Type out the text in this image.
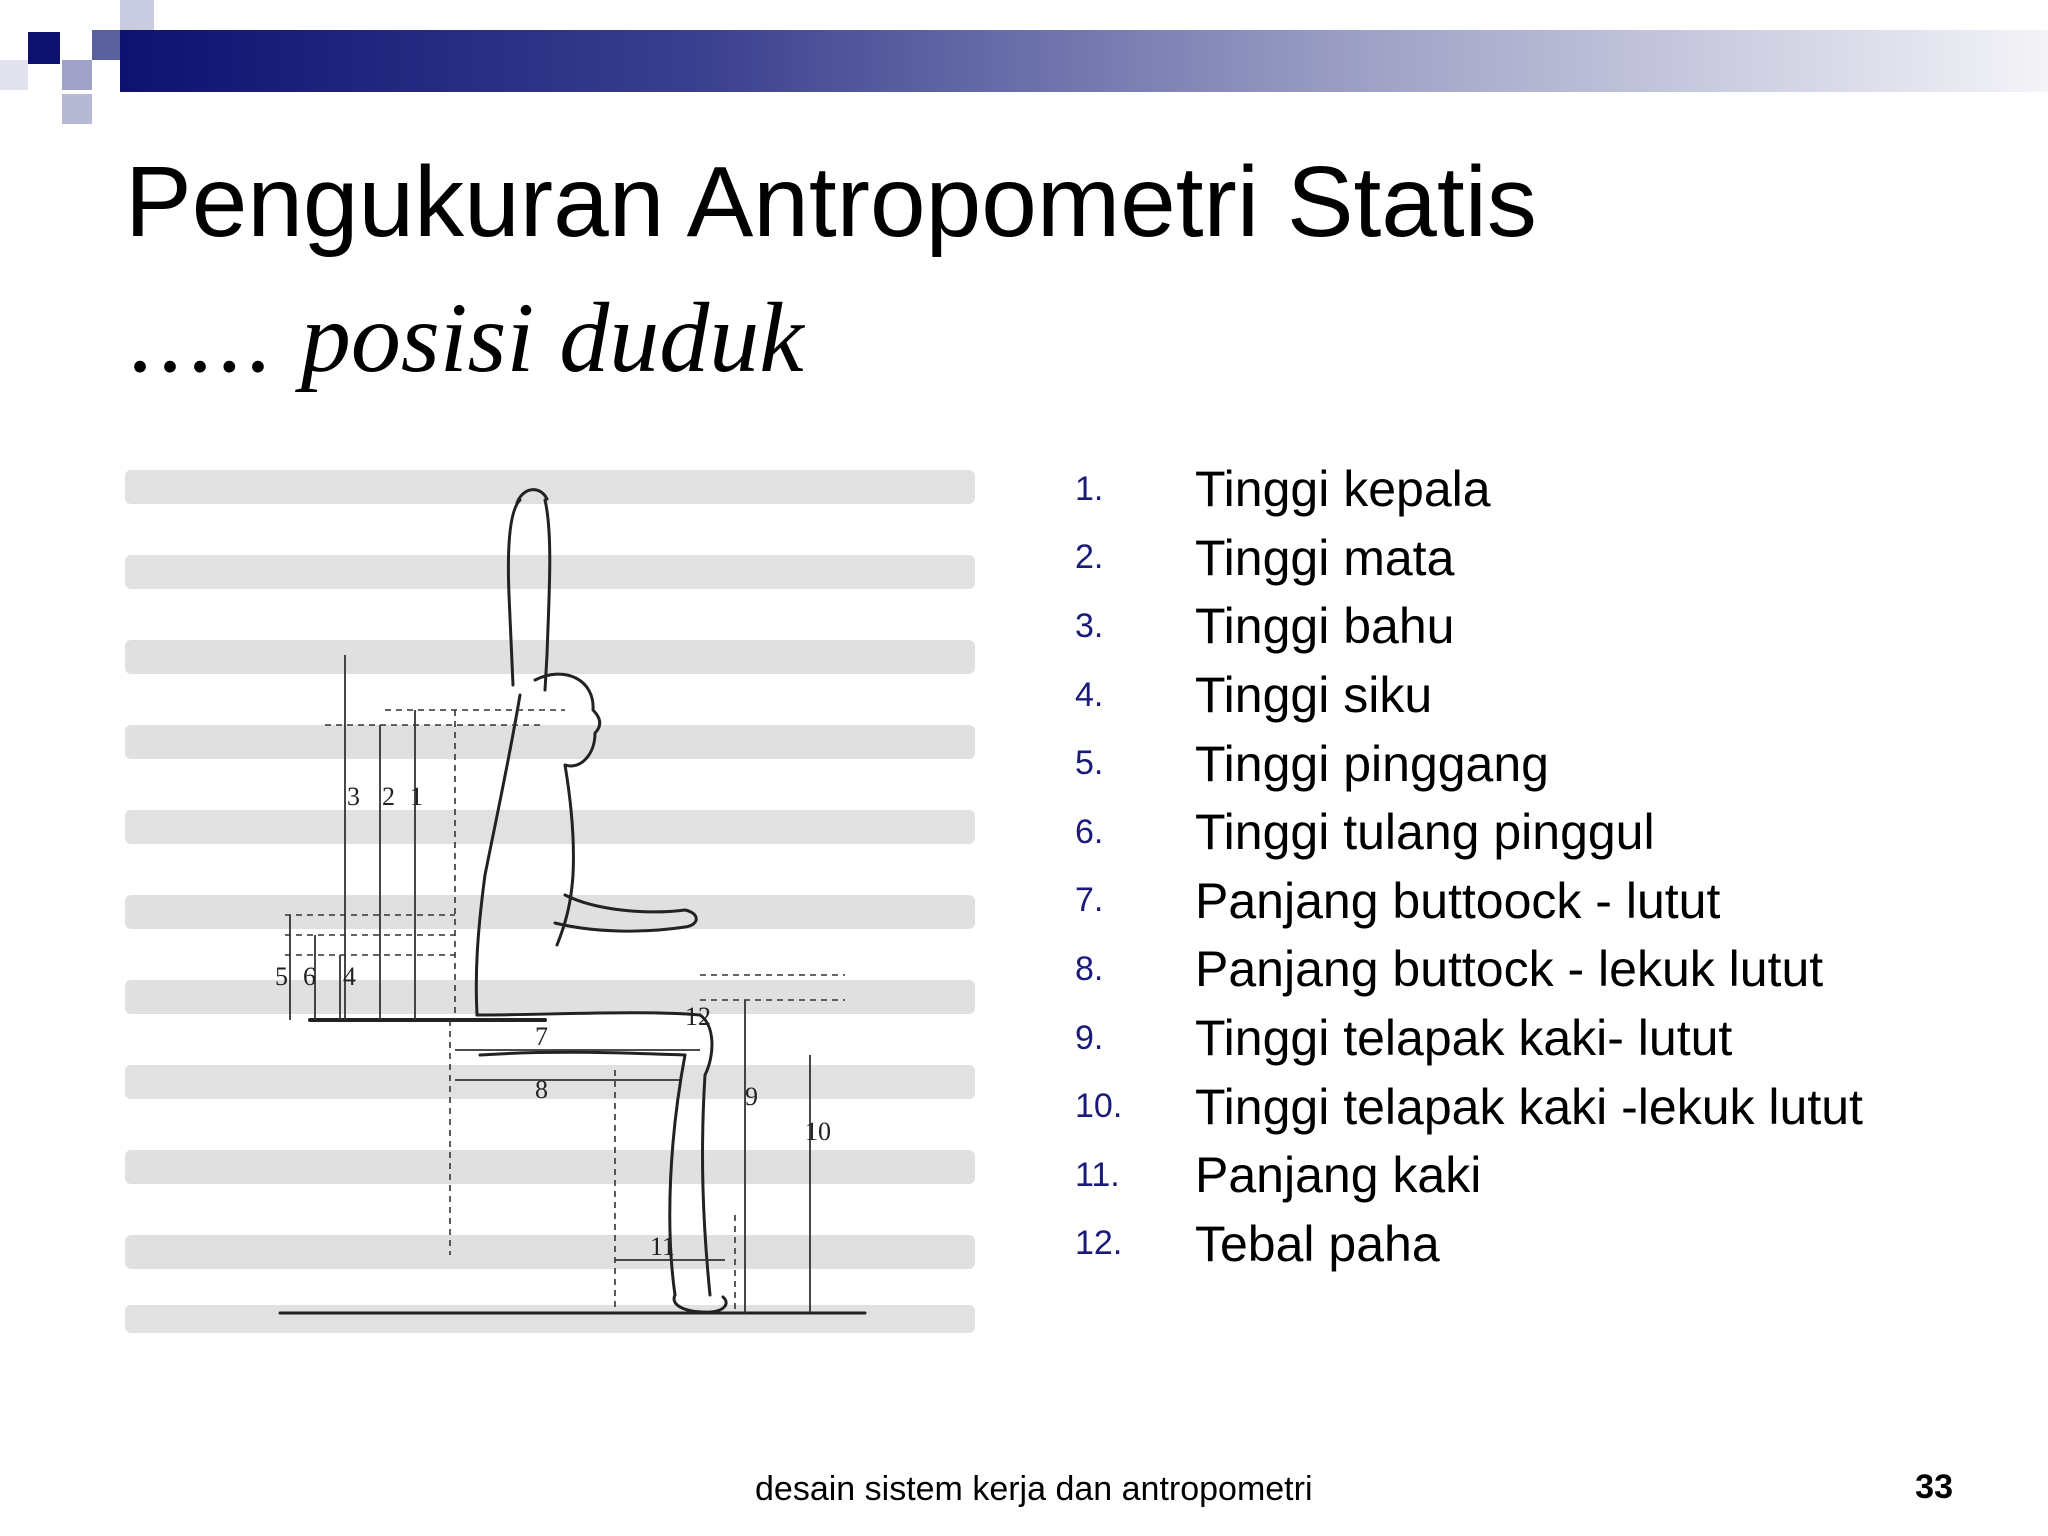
Pengukuran Antropometri Statis
….. posisi duduk
1
2
3
4
5 6
7
8	9
10
11
12
1.	Tinggi kepala
2.	Tinggi mata
3.	Tinggi bahu
4.	Tinggi siku
5.	Tinggi pinggang
6.	Tinggi tulang pinggul
7.	Panjang buttoock - lutut
8.	Panjang buttock - lekuk lutut
9.	Tinggi telapak kaki- lutut
10.	Tinggi telapak kaki -lekuk lutut
11.	Panjang kaki
12.	Tebal paha
desain sistem kerja dan antropometri	33
